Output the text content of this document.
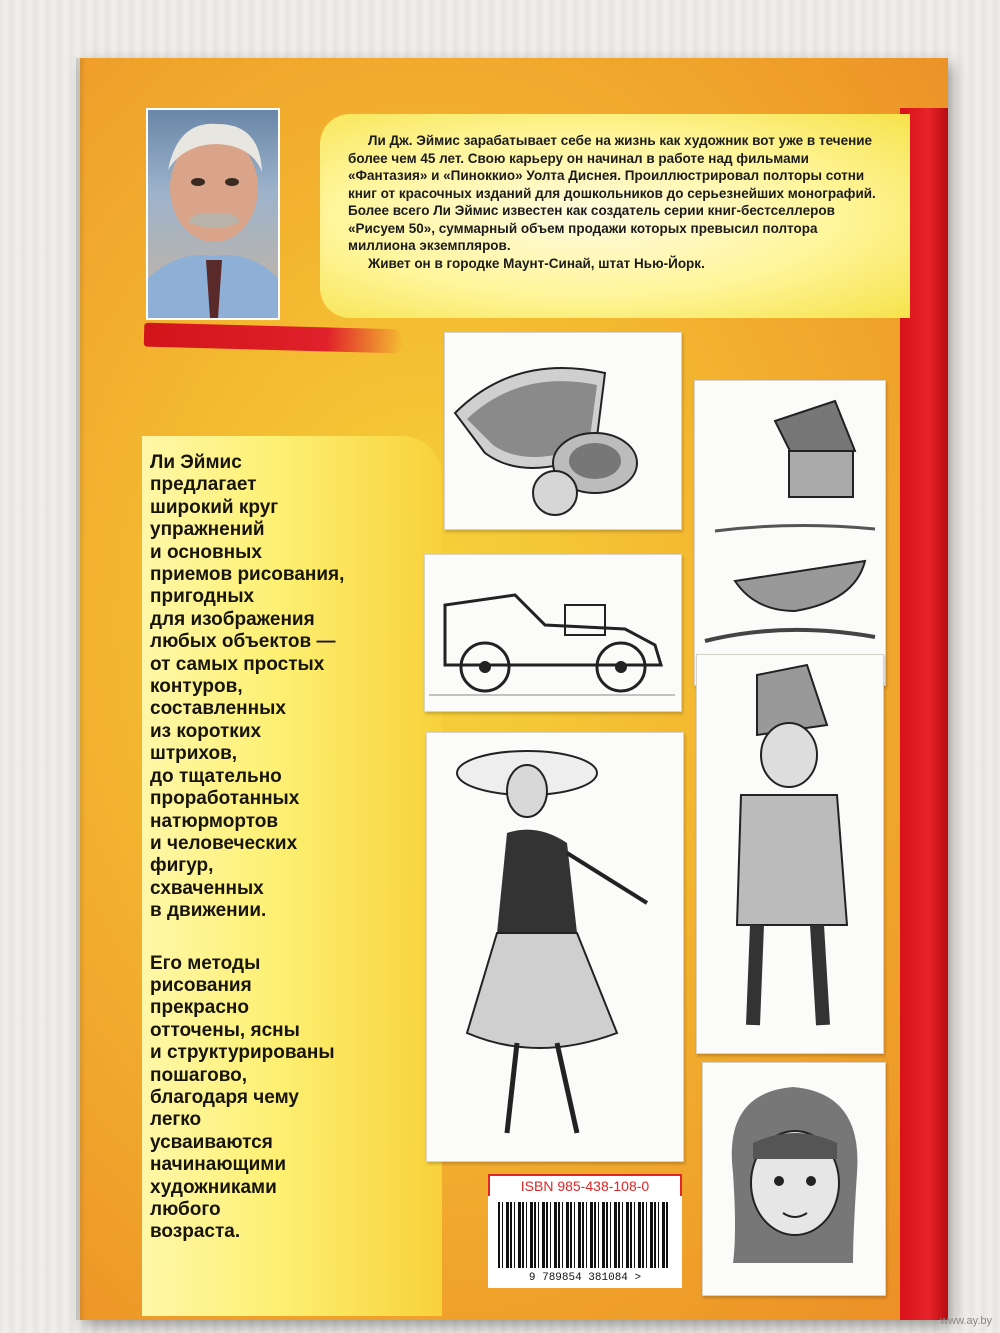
Ли Дж. Эймис зарабатывает себе на жизнь как художник вот уже в течение более чем 45 лет. Свою карьеру он начинал в работе над фильмами «Фантазия» и «Пиноккио» Уолта Диснея. Проиллюстрировал полторы сотни книг от красочных изданий для дошкольников до серьезнейших монографий. Более всего Ли Эймис известен как создатель серии книг-бестселлеров «Рисуем 50», суммарный объем продажи которых превысил полтора миллиона экземпляров.

Живет он в городке Маунт-Синай, штат Нью-Йорк.

Ли Эймис
предлагает
широкий круг
упражнений
и основных
приемов рисования,
пригодных
для изображения
любых объектов —
от самых простых
контуров,
составленных
из коротких
штрихов,
до тщательно
проработанных
натюрмортов
и человеческих
фигур,
схваченных
в движении.

Его методы
рисования
прекрасно
отточены, ясны
и структурированы
пошагово,
благодаря чему
легко
усваиваются
начинающими
художниками
любого
возраста.

ISBN 985-438-108-0
9 789854 381084 >
www.ay.by
